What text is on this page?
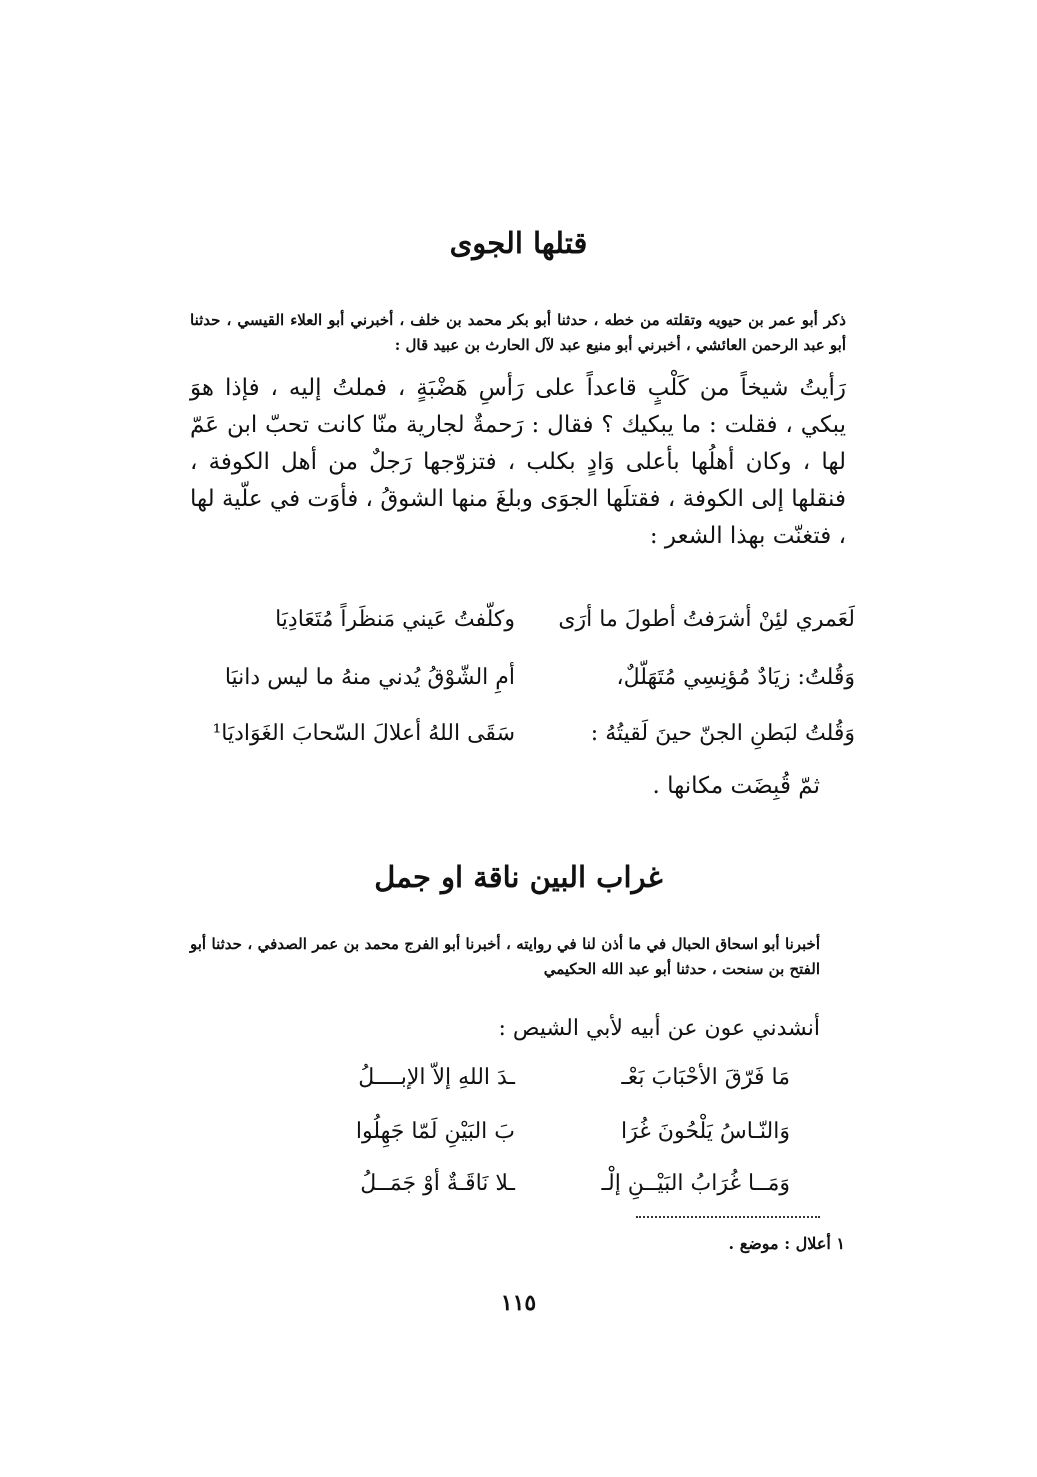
قتلها الجوى
ذكر أبو عمر بن حيويه وتقلته من خطه ، حدثنا أبو بكر محمد بن خلف ، أخبرني أبو العلاء القيسي ، حدثنا أبو عبد الرحمن العائشي ، أخبرني أبو منيع عبد لآل الحارث بن عبيد قال :
رَأيتُ شيخاً من كَلْبٍ قاعداً على رَأسِ هَضْبَةٍ ، فملتُ إليه ، فإذا هوَ يبكي ، فقلت : ما يبكيك ؟ فقال : رَحمةٌ لجارية منّا كانت تحبّ ابن عَمّ لها ، وكان أهلُها بأعلى وَادٍ بكلب ، فتزوّجها رَجلٌ من أهل الكوفة ، فنقلها إلى الكوفة ، فقتلَها الجوَى وبلغَ منها الشوقُ ، فأوَت في علّية لها ، فتغنّت بهذا الشعر :
لَعَمري لئِنْ أشرَفتُ أطولَ ما أرَى
وكلّفتُ عَيني مَنظَراً مُتَعَادِيَا
وَقُلتُ: زيَادٌ مُؤنِسِي مُتَهَلّلٌ،
أمِ الشّوْقُ يُدني منهُ ما ليس دانيَا
وَقُلتُ لبَطنِ الجنّ حينَ لَقيتُهُ :
سَقَى اللهُ أعلالَ السّحابَ الغَوَاديَا¹
ثمّ قُبِضَت مكانها .
غراب البين ناقة او جمل
أخبرنا أبو اسحاق الحبال في ما أذن لنا في روايته ، أخبرنا أبو الفرج محمد بن عمر الصدفي ، حدثنا أبو الفتح بن سنحت ، حدثنا أبو عبد الله الحكيمي
أنشدني عون عن أبيه لأبي الشيص :
مَا فَرّقَ الأحْبَابَ بَعْـ
ـدَ اللهِ إلاّ الإبــــلُ
وَالنّـاسُ يَلْحُونَ غُرَا
بَ البَيْنِ لَمّا جَهِلُوا
وَمَــا غُرَابُ البَيْــنِ إلْـ
ـلا نَاقَـةٌ أوْ جَمَــلُ
١ أعلال : موضع .
١١٥
